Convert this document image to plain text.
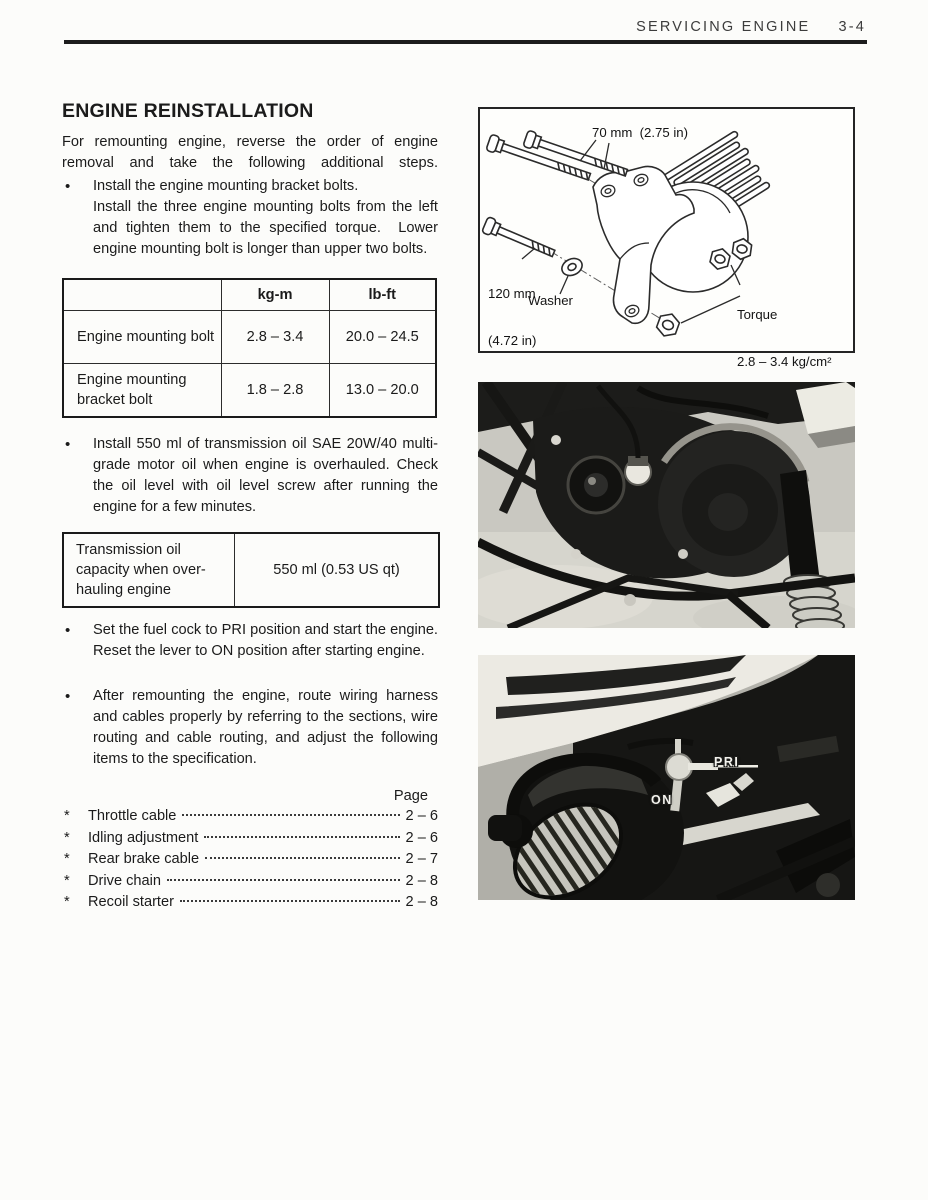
SERVICING ENGINE 3-4
ENGINE REINSTALLATION

For remounting engine, reverse the order of engine removal and take the following additional steps.

•	Install the engine mounting bracket bolts.

Install the three engine mounting bolts from the left and tighten them to the specified torque.  Lower engine mounting bolt is longer than upper two bolts.

	kg-m	lb-ft
Engine mounting bolt	2.8 – 3.4	20.0 – 24.5
Engine mounting bracket bolt	1.8 – 2.8	13.0 – 20.0
•	Install 550 ml of transmission oil SAE 20W/40 multi-grade motor oil when engine is overhauled. Check the oil level with oil level screw after running the engine for a few minutes.

Transmission oil
capacity when over-
hauling engine
	550 ml (0.53 US qt)
•	Set the fuel cock to PRI position and start the engine.  Reset the lever to ON position after starting engine.

•	After remounting the engine, route wiring harness and cables properly by referring to the sections, wire routing and cable routing, and adjust the following items to the specification.

Page
*	Throttle cable	2 – 6
*	Idling adjustment	2 – 6
*	Rear brake cable	2 – 7
*	Drive chain	2 – 8
*	Recoil starter	2 – 8
70 mm  (2.75 in)

120 mm

(4.72 in)

Washer

Torque

2.8 – 3.4 kg/cm²

PRI
ON
